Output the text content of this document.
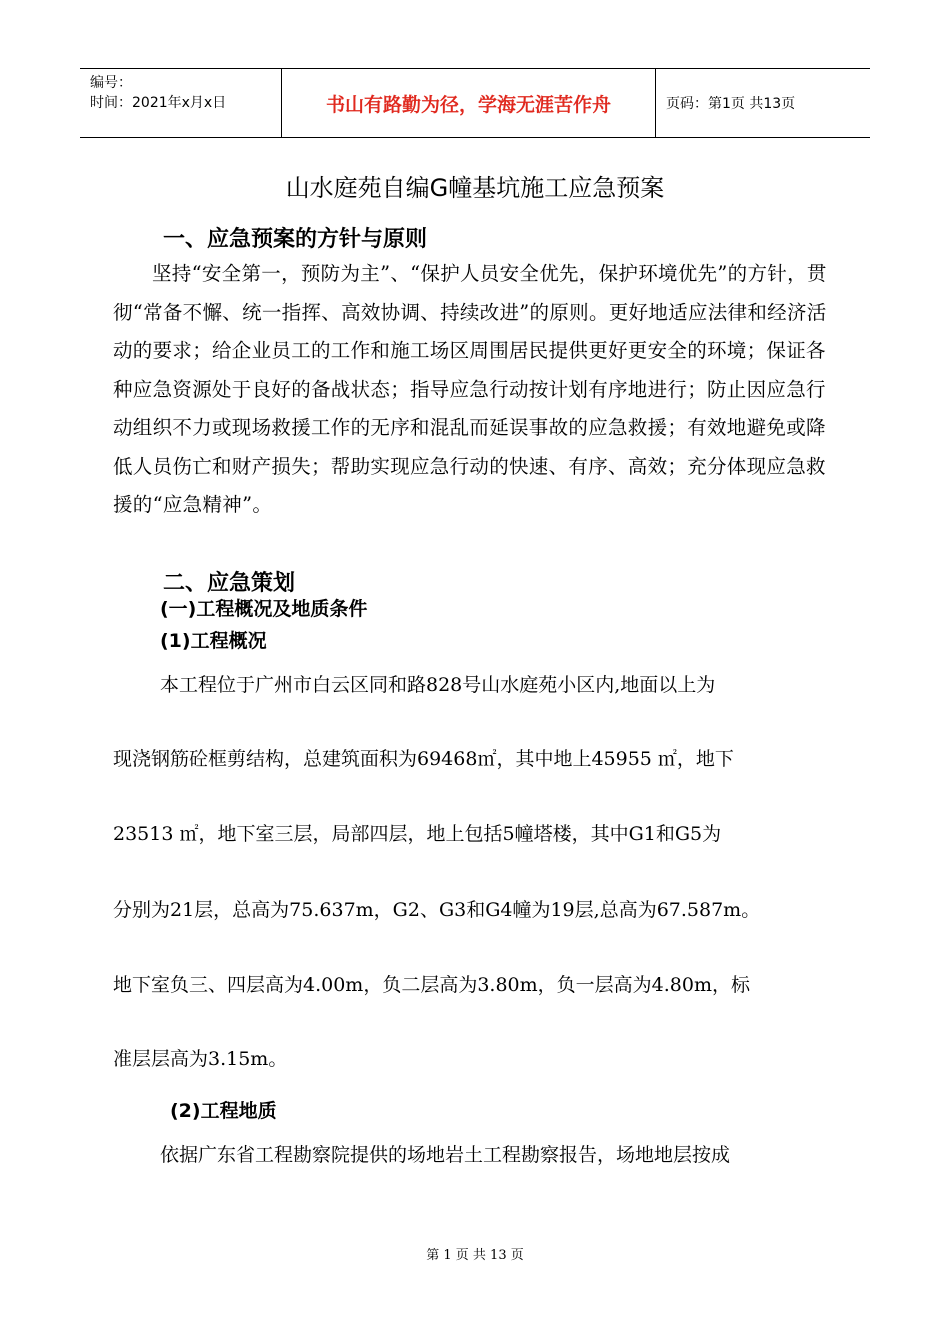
编号：
时间：2021年x月x日	书山有路勤为径，学海无涯苦作舟	页码：第1页 共13页
山水庭苑自编G幢基坑施工应急预案
一、应急预案的方针与原则
坚持“安全第一，预防为主”、“保护人员安全优先，保护环境优先”的方针，贯彻“常备不懈、统一指挥、高效协调、持续改进”的原则。更好地适应法律和经济活动的要求；给企业员工的工作和施工场区周围居民提供更好更安全的环境；保证各种应急资源处于良好的备战状态；指导应急行动按计划有序地进行；防止因应急行动组织不力或现场救援工作的无序和混乱而延误事故的应急救援；有效地避免或降低人员伤亡和财产损失；帮助实现应急行动的快速、有序、高效；充分体现应急救援的“应急精神”。
二、应急策划
(一)工程概况及地质条件
(1)工程概况
本工程位于广州市白云区同和路828号山水庭苑小区内,地面以上为
现浇钢筋砼框剪结构，总建筑面积为69468㎡，其中地上45955 ㎡，地下
23513 ㎡，地下室三层，局部四层，地上包括5幢塔楼，其中G1和G5为
分别为21层，总高为75.637m，G2、G3和G4幢为19层,总高为67.587m。
地下室负三、四层高为4.00m，负二层高为3.80m，负一层高为4.80m，标
准层层高为3.15m。
(2)工程地质
依据广东省工程勘察院提供的场地岩土工程勘察报告，场地地层按成
第 1 页 共 13 页
